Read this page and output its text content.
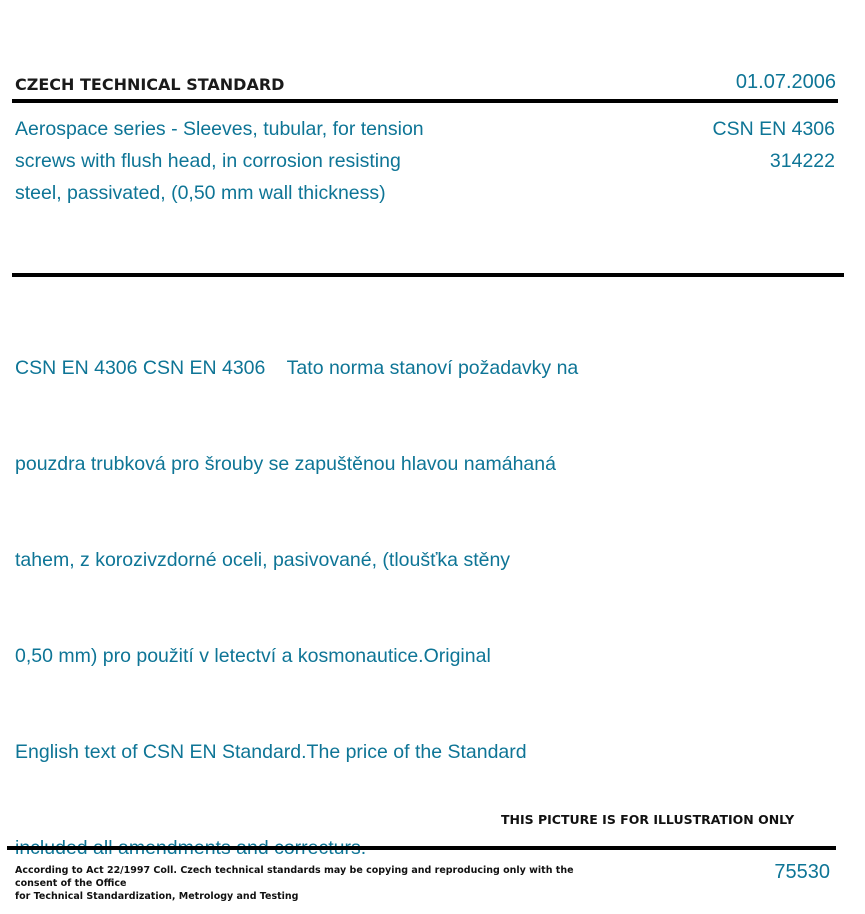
CZECH TECHNICAL STANDARD	01.07.2006
Aerospace series - Sleeves, tubular, for tension
screws with flush head, in corrosion resisting
steel, passivated, (0,50 mm wall thickness)
CSN EN 4306
314222

CSN EN 4306 CSN EN 4306    Tato norma stanoví požadavky na

pouzdra trubková pro šrouby se zapuštěnou hlavou namáhaná

tahem, z korozivzdorné oceli, pasivované, (tloušťka stěny

0,50 mm) pro použití v letectví a kosmonautice.Original

English text of CSN EN Standard.The price of the Standard

THIS PICTURE IS FOR ILLUSTRATION ONLY
According to Act 22/1997 Coll. Czech technical standards may be copying and reproducing only with the consent of the Office
for Technical Standardization, Metrology and Testing
75530
